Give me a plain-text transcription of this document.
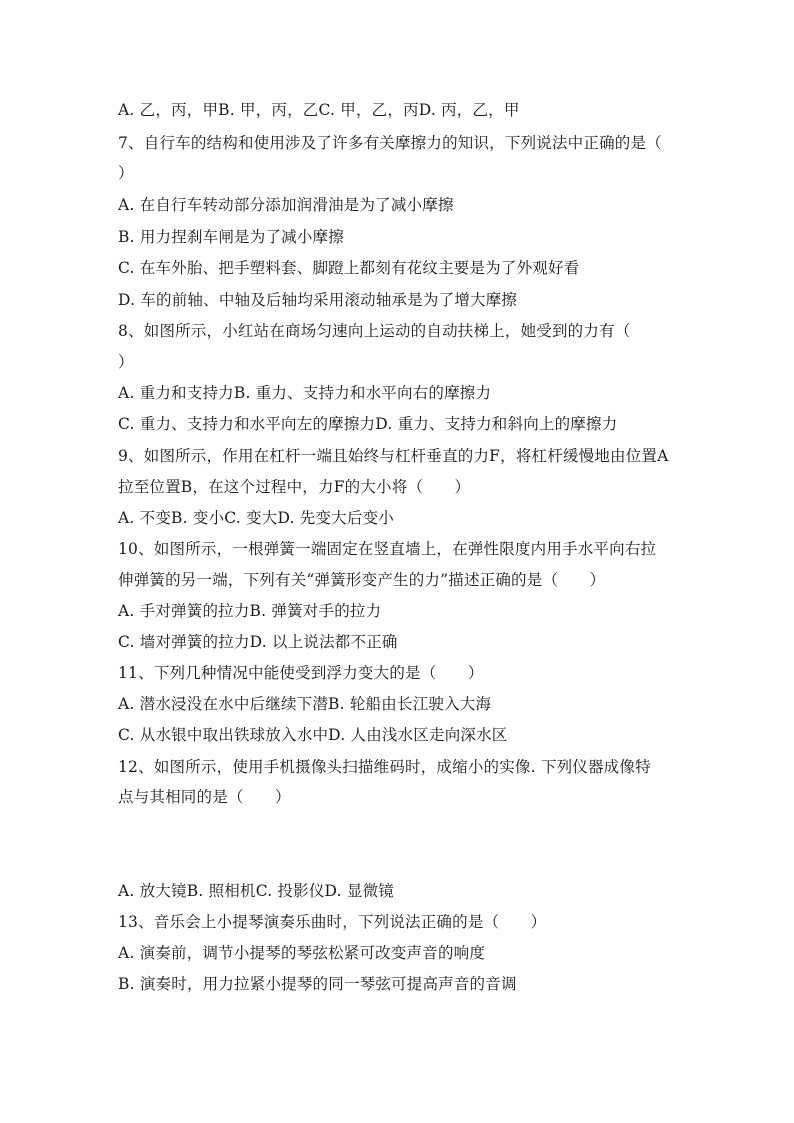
A. 乙，丙，甲B. 甲，丙，乙C. 甲，乙，丙D. 丙，乙，甲
7、自行车的结构和使用涉及了许多有关摩擦力的知识，下列说法中正确的是（
）
A. 在自行车转动部分添加润滑油是为了减小摩擦
B. 用力捏刹车闸是为了减小摩擦
C. 在车外胎、把手塑料套、脚蹬上都刻有花纹主要是为了外观好看
D. 车的前轴、中轴及后轴均采用滚动轴承是为了增大摩擦
8、如图所示，小红站在商场匀速向上运动的自动扶梯上，她受到的力有（
）
A. 重力和支持力B. 重力、支持力和水平向右的摩擦力
C. 重力、支持力和水平向左的摩擦力D. 重力、支持力和斜向上的摩擦力
9、如图所示，作用在杠杆一端且始终与杠杆垂直的力F，将杠杆缓慢地由位置A
拉至位置B，在这个过程中，力F的大小将（　　）
A. 不变B. 变小C. 变大D. 先变大后变小
10、如图所示，一根弹簧一端固定在竖直墙上，在弹性限度内用手水平向右拉
伸弹簧的另一端，下列有关“弹簧形变产生的力”描述正确的是（　　）
A. 手对弹簧的拉力B. 弹簧对手的拉力
C. 墙对弹簧的拉力D. 以上说法都不正确
11、下列几种情况中能使受到浮力变大的是（　　）
A. 潜水浸没在水中后继续下潜B. 轮船由长江驶入大海
C. 从水银中取出铁球放入水中D. 人由浅水区走向深水区
12、如图所示，使用手机摄像头扫描维码时，成缩小的实像. 下列仪器成像特
点与其相同的是（　　）
A. 放大镜B. 照相机C. 投影仪D. 显微镜
13、音乐会上小提琴演奏乐曲时，下列说法正确的是（　　）
A. 演奏前，调节小提琴的琴弦松紧可改变声音的响度
B. 演奏时，用力拉紧小提琴的同一琴弦可提高声音的音调
